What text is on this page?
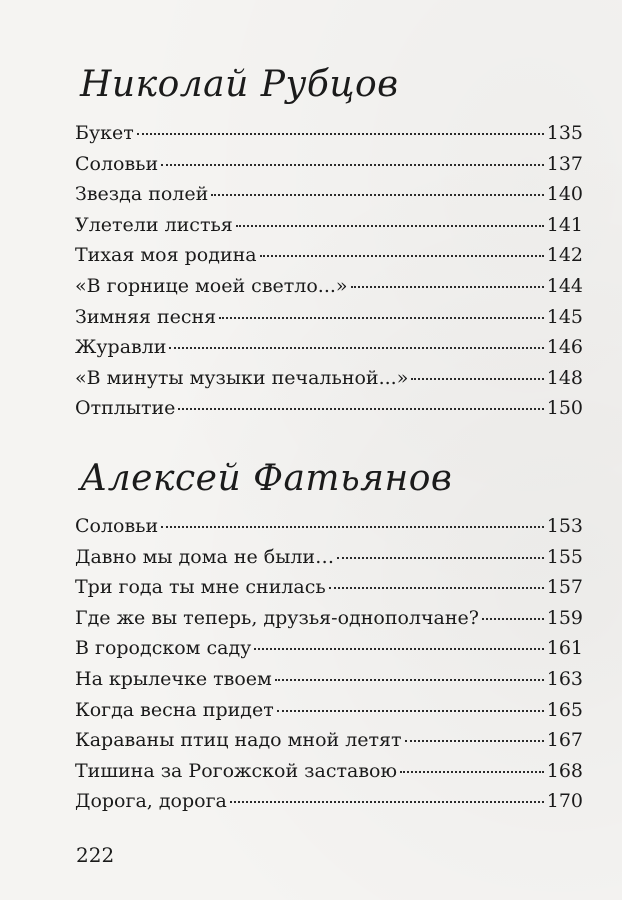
Николай Рубцов
Букет	135
Соловьи	137
Звезда полей	140
Улетели листья	141
Тихая моя родина	142
«В горнице моей светло...»	144
Зимняя песня	145
Журавли	146
«В минуты музыки печальной...»	148
Отплытие	150
Алексей Фатьянов
Соловьи	153
Давно мы дома не были…	155
Три года ты мне снилась	157
Где же вы теперь, друзья-однополчане?	159
В городском саду	161
На крылечке твоем	163
Когда весна придет	165
Караваны птиц надо мной летят	167
Тишина за Рогожской заставою	168
Дорога, дорога	170
222
